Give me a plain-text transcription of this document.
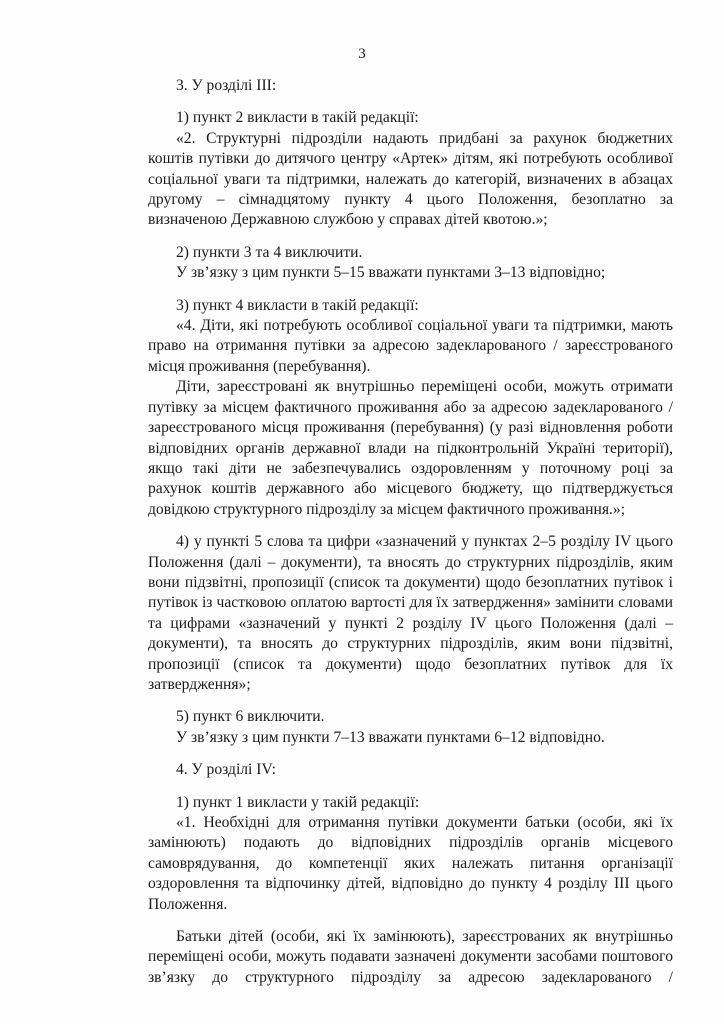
3

3. У розділі ІІІ:

1) пункт 2 викласти в такій редакції:

«2. Структурні підрозділи надають придбані за рахунок бюджетних коштів путівки до дитячого центру «Артек» дітям, які потребують особливої соціальної уваги та підтримки, належать до категорій, визначених в абзацах другому – сімнадцятому пункту 4 цього Положення, безоплатно за визначеною Державною службою у справах дітей квотою.»;

2) пункти 3 та 4 виключити.

У зв’язку з цим пункти 5–15 вважати пунктами 3–13 відповідно;

3) пункт 4 викласти в такій редакції:

«4. Діти, які потребують особливої соціальної уваги та підтримки, мають право на отримання путівки за адресою задекларованого / зареєстрованого місця проживання (перебування).

Діти, зареєстровані як внутрішньо переміщені особи, можуть отримати путівку за місцем фактичного проживання або за адресою задекларованого / зареєстрованого місця проживання (перебування) (у разі відновлення роботи відповідних органів державної влади на підконтрольній Україні території), якщо такі діти не забезпечувались оздоровленням у поточному році за рахунок коштів державного або місцевого бюджету, що підтверджується довідкою структурного підрозділу за місцем фактичного проживання.»;

4) у пункті 5 слова та цифри «зазначений у пунктах 2–5 розділу IV цього Положення (далі – документи), та вносять до структурних підрозділів, яким вони підзвітні, пропозиції (список та документи) щодо безоплатних путівок і путівок із частковою оплатою вартості для їх затвердження» замінити словами та цифрами «зазначений у пункті 2 розділу IV цього Положення (далі – документи), та вносять до структурних підрозділів, яким вони підзвітні, пропозиції (список та документи) щодо безоплатних путівок для їх затвердження»;

5) пункт 6 виключити.

У зв’язку з цим пункти 7–13 вважати пунктами 6–12 відповідно.

4. У розділі IV:

1) пункт 1 викласти у такій редакції:

«1. Необхідні для отримання путівки документи батьки (особи, які їх замінюють) подають до відповідних підрозділів органів місцевого самоврядування, до компетенції яких належать питання організації оздоровлення та відпочинку дітей, відповідно до пункту 4 розділу ІІІ цього Положення.

Батьки дітей (особи, які їх замінюють), зареєстрованих як внутрішньо переміщені особи, можуть подавати зазначені документи засобами поштового зв’язку до структурного підрозділу за адресою задекларованого /
